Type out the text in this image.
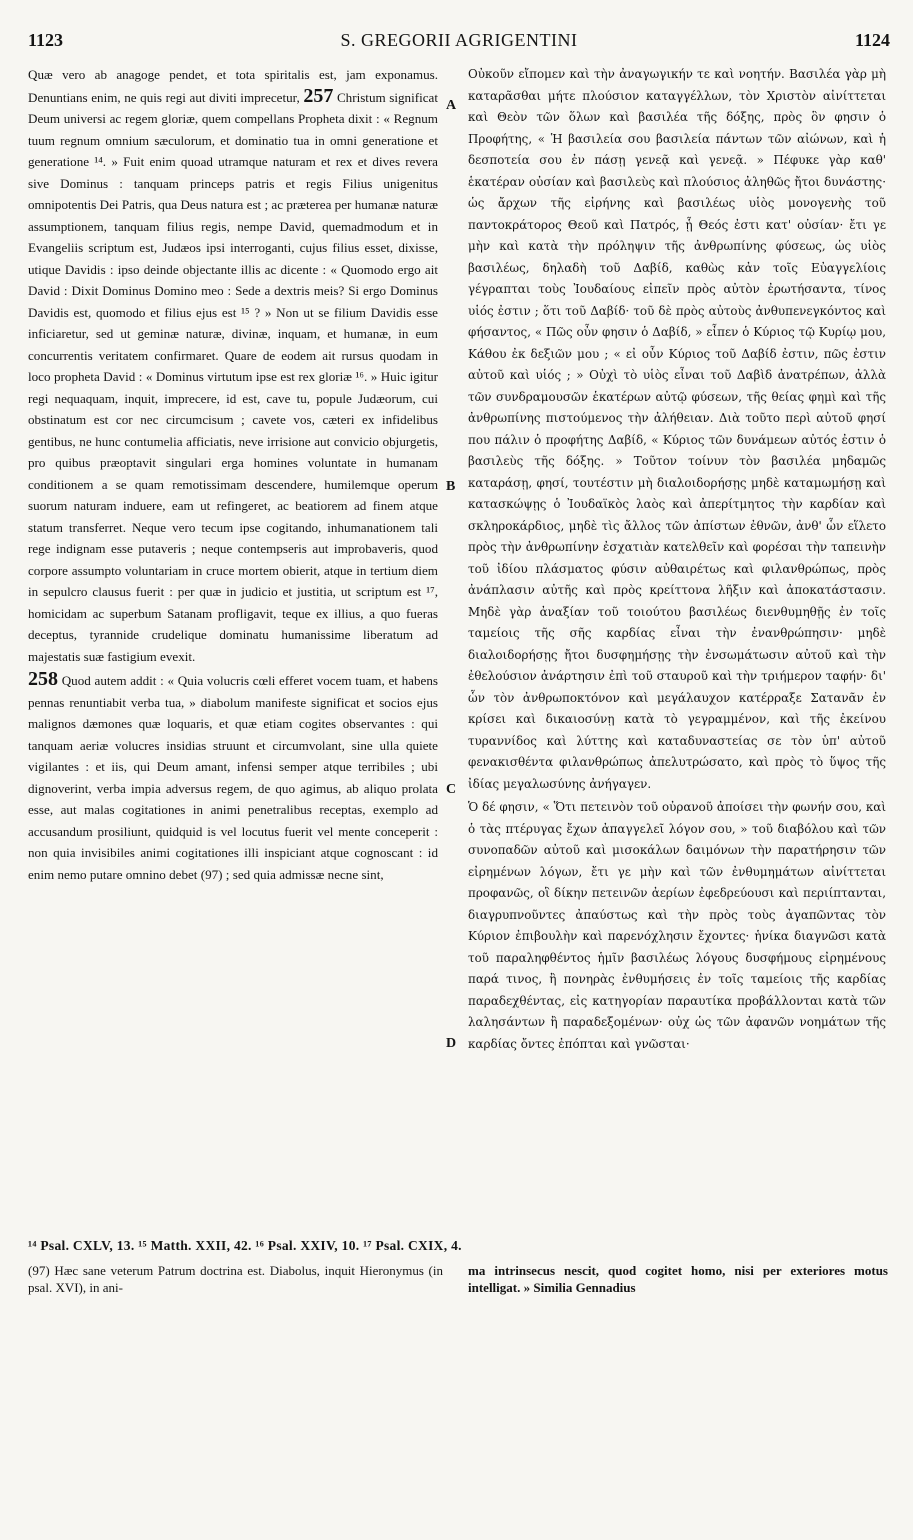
1123	S. GREGORII AGRIGENTINI	1124

Quæ vero ab anagoge pendet, et tota spiritalis est, jam exponamus. Denuntians enim, ne quis regi aut diviti imprecetur, 257 Christum significat Deum universi ac regem gloriæ, quem compellans Propheta dixit : « Regnum tuum regnum omnium sæculorum, et dominatio tua in omni generatione et generatione ¹⁴. » Fuit enim quoad utramque naturam et rex et dives revera sive Dominus : tanquam princeps patris et regis Filius unigenitus omnipotentis Dei Patris, qua Deus natura est ; ac præterea per humanæ naturæ assumptionem, tanquam filius regis, nempe David, quemadmodum et in Evangeliis scriptum est, Judæos ipsi interroganti, cujus filius esset, dixisse, utique Davidis : ipso deinde objectante illis ac dicente : « Quomodo ergo ait David : Dixit Dominus Domino meo : Sede a dextris meis? Si ergo Dominus Davidis est, quomodo et filius ejus est ¹⁵ ? » Non ut se filium Davidis esse inficiaretur, sed ut geminæ naturæ, divinæ, inquam, et humanæ, in eum concurrentis veritatem confirmaret. Quare de eodem ait rursus quodam in loco propheta David : « Dominus virtutum ipse est rex gloriæ ¹⁶. » Huic igitur regi nequaquam, inquit, imprecere, id est, cave tu, popule Judæorum, cui obstinatum est cor nec circumcisum ; cavete vos, cæteri ex infidelibus gentibus, ne hunc contumelia afficiatis, neve irrisione aut convicio objurgetis, pro quibus præoptavit singulari erga homines voluntate in humanam conditionem a se quam remotissimam descendere, humilemque operum suorum naturam induere, eam ut refingeret, ac beatiorem ad finem atque statum transferret. Neque vero tecum ipse cogitando, inhumanationem tali rege indignam esse putaveris ; neque contempseris aut improbaveris, quod corpore assumpto voluntariam in cruce mortem obierit, atque in tertium diem in sepulcro clausus fuerit : per quæ in judicio et justitia, ut scriptum est ¹⁷, homicidam ac superbum Satanam profligavit, teque ex illius, a quo fueras deceptus, tyrannide crudelique dominatu humanissime liberatum ad majestatis suæ fastigium evexit.

258 Quod autem addit : « Quia volucris cœli efferet vocem tuam, et habens pennas renuntiabit verba tua, » diabolum manifeste significat et socios ejus malignos dæmones quæ loquaris, et quæ etiam cogites observantes : qui tanquam aeriæ volucres insidias struunt et circumvolant, sine ulla quiete vigilantes : et iis, qui Deum amant, infensi semper atque terribiles ; ubi dignoverint, verba impia adversus regem, de quo agimus, ab aliquo prolata esse, aut malas cogitationes in animi penetralibus receptas, exemplo ad accusandum prosiliunt, quidquid is vel locutus fuerit vel mente conceperit : non quia invisibiles animi cogitationes illi inspiciant atque cognoscant : id enim nemo putare omnino debet (97) ; sed quia admissæ necne sint,

A
B
C
D

Οὐκοῦν εἴπομεν καὶ τὴν ἀναγωγικήν τε καὶ νοητήν. Βασιλέα γὰρ μὴ καταρᾶσθαι μήτε πλούσιον καταγγέλλων, τὸν Χριστὸν αἰνίττεται καὶ Θεὸν τῶν ὅλων καὶ βασιλέα τῆς δόξης, πρὸς ὃν φησιν ὁ Προφήτης, « Ἡ βασιλεία σου βασιλεία πάντων τῶν αἰώνων, καὶ ἡ δεσποτεία σου ἐν πάσῃ γενεᾷ καὶ γενεᾷ. » Πέφυκε γὰρ καθ' ἑκατέραν οὐσίαν καὶ βασιλεὺς καὶ πλούσιος ἀληθῶς ἤτοι δυνάστης· ὡς ἄρχων τῆς εἰρήνης καὶ βασιλέως υἱὸς μονογενὴς τοῦ παντοκράτορος Θεοῦ καὶ Πατρός, ᾗ Θεός ἐστι κατ' οὐσίαν· ἔτι γε μὴν καὶ κατὰ τὴν πρόληψιν τῆς ἀνθρωπίνης φύσεως, ὡς υἱὸς βασιλέως, δηλαδὴ τοῦ Δαβίδ, καθὼς κἀν τοῖς Εὐαγγελίοις γέγραπται τοὺς Ἰουδαίους εἰπεῖν πρὸς αὐτὸν ἐρωτήσαντα, τίνος υἱός ἐστιν ; ὅτι τοῦ Δαβίδ· τοῦ δὲ πρὸς αὐτοὺς ἀνθυπενεγκόντος καὶ φήσαντος, « Πῶς οὖν φησιν ὁ Δαβίδ, » εἶπεν ὁ Κύριος τῷ Κυρίῳ μου, Κάθου ἐκ δεξιῶν μου ; « εἰ οὖν Κύριος τοῦ Δαβίδ ἐστιν, πῶς ἐστιν αὐτοῦ καὶ υἱός ; » Οὐχὶ τὸ υἱὸς εἶναι τοῦ Δαβὶδ ἀνατρέπων, ἀλλὰ τῶν συνδραμουσῶν ἑκατέρων αὐτῷ φύσεων, τῆς θείας φημὶ καὶ τῆς ἀνθρωπίνης πιστούμενος τὴν ἀλήθειαν. Διὰ τοῦτο περὶ αὐτοῦ φησί που πάλιν ὁ προφήτης Δαβίδ, « Κύριος τῶν δυνάμεων αὐτός ἐστιν ὁ βασιλεὺς τῆς δόξης. » Τοῦτον τοίνυν τὸν βασιλέα μηδαμῶς καταράσῃ, φησί, τουτέστιν μὴ διαλοιδορήσῃς μηδὲ καταμωμήσῃ καὶ κατασκώψῃς ὁ Ἰουδαϊκὸς λαὸς καὶ ἀπερίτμητος τὴν καρδίαν καὶ σκληροκάρδιος, μηδὲ τὶς ἄλλος τῶν ἀπίστων ἐθνῶν, ἀνθ' ὧν εἵλετο πρὸς τὴν ἀνθρωπίνην ἐσχατιὰν κατελθεῖν καὶ φορέσαι τὴν ταπεινὴν τοῦ ἰδίου πλάσματος φύσιν αὐθαιρέτως καὶ φιλανθρώπως, πρὸς ἀνάπλασιν αὐτῆς καὶ πρὸς κρείττονα λῆξιν καὶ ἀποκατάστασιν. Μηδὲ γὰρ ἀναξίαν τοῦ τοιούτου βασιλέως διενθυμηθῇς ἐν τοῖς ταμείοις τῆς σῆς καρδίας εἶναι τὴν ἐνανθρώπησιν· μηδὲ διαλοιδορήσῃς ἤτοι δυσφημήσῃς τὴν ἐνσωμάτωσιν αὐτοῦ καὶ τὴν ἐθελούσιον ἀνάρτησιν ἐπὶ τοῦ σταυροῦ καὶ τὴν τριήμερον ταφήν· δι' ὧν τὸν ἀνθρωποκτόνον καὶ μεγάλαυχον κατέρραξε Σατανᾶν ἐν κρίσει καὶ δικαιοσύνῃ κατὰ τὸ γεγραμμένον, καὶ τῆς ἐκείνου τυραννίδος καὶ λύττης καὶ καταδυναστείας σε τὸν ὑπ' αὐτοῦ φενακισθέντα φιλανθρώπως ἀπελυτρώσατο, καὶ πρὸς τὸ ὕψος τῆς ἰδίας μεγαλωσύνης ἀνήγαγεν.

Ὁ δέ φησιν, « Ὅτι πετεινὸν τοῦ οὐρανοῦ ἀποίσει τὴν φωνήν σου, καὶ ὁ τὰς πτέρυγας ἔχων ἀπαγγελεῖ λόγον σου, » τοῦ διαβόλου καὶ τῶν συνοπαδῶν αὐτοῦ καὶ μισοκάλων δαιμόνων τὴν παρατήρησιν τῶν εἰρημένων λόγων, ἔτι γε μὴν καὶ τῶν ἐνθυμημάτων αἰνίττεται προφανῶς, οἳ δίκην πετεινῶν ἀερίων ἐφεδρεύουσι καὶ περιίπτανται, διαγρυπνοῦντες ἀπαύστως καὶ τὴν πρὸς τοὺς ἀγαπῶντας τὸν Κύριον ἐπιβουλὴν καὶ παρενόχλησιν ἔχοντες· ἡνίκα διαγνῶσι κατὰ τοῦ παραληφθέντος ἡμῖν βασιλέως λόγους δυσφήμους εἰρημένους παρά τινος, ἢ πονηρὰς ἐνθυμήσεις ἐν τοῖς ταμείοις τῆς καρδίας παραδεχθέντας, εἰς κατηγορίαν παραυτίκα προβάλλονται κατὰ τῶν λαλησάντων ἢ παραδεξομένων· οὐχ ὡς τῶν ἀφανῶν νοημάτων τῆς καρδίας ὄντες ἐπόπται καὶ γνῶσται·

¹⁴ Psal. CXLV, 13. ¹⁵ Matth. XXII, 42. ¹⁶ Psal. XXIV, 10. ¹⁷ Psal. CXIX, 4.
(97) Hæc sane veterum Patrum doctrina est. Diabolus, inquit Hieronymus (in psal. XVI), in ani-
ma intrinsecus nescit, quod cogitet homo, nisi per exteriores motus intelligat. » Similia Gennadius
